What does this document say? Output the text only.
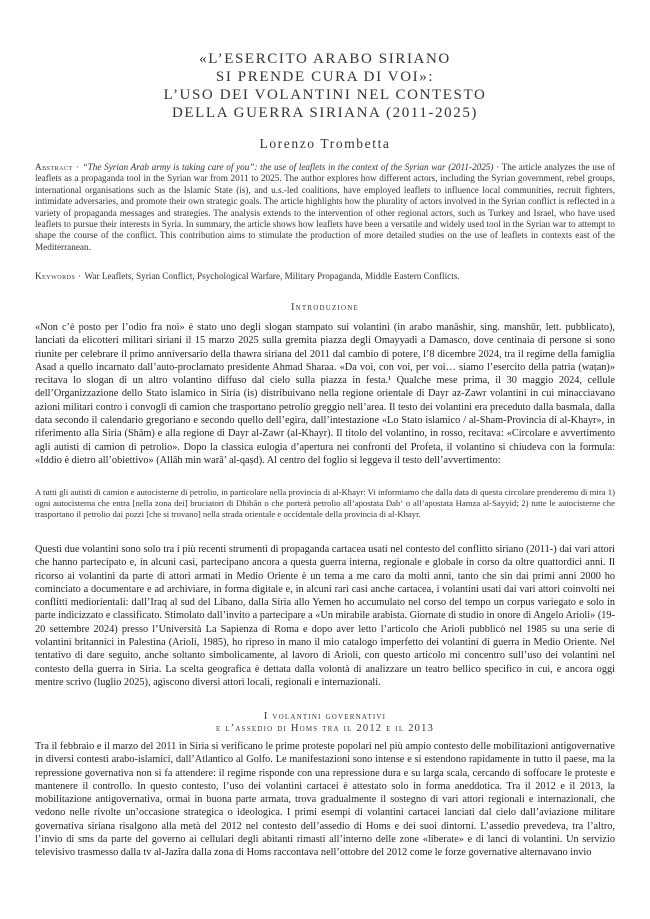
«L’ESERCITO ARABO SIRIANO
SI PRENDE CURA DI VOI»:
L’USO DEI VOLANTINI NEL CONTESTO
DELLA GUERRA SIRIANA (2011-2025)
Lorenzo Trombetta
Abstract · “The Syrian Arab army is taking care of you”: the use of leaflets in the context of the Syrian war (2011-2025) · The article analyzes the use of leaflets as a propaganda tool in the Syrian war from 2011 to 2025. The author explores how different actors, including the Syrian government, rebel groups, international organisations such as the Islamic State (is), and u.s.-led coalitions, have employed leaflets to influence local communities, recruit fighters, intimidate adversaries, and promote their own strategic goals. The article highlights how the plurality of actors involved in the Syrian conflict is reflected in a variety of propaganda messages and strategies. The analysis extends to the intervention of other regional actors, such as Turkey and Israel, who have used leaflets to pursue their interests in Syria. In summary, the article shows how leaflets have been a versatile and widely used tool in the Syrian war to attempt to shape the course of the conflict. This contribution aims to stimulate the production of more detailed studies on the use of leaflets in contexts east of the Mediterranean.
Keywords · War Leaflets, Syrian Conflict, Psychological Warfare, Military Propaganda, Middle Eastern Conflicts.
Introduzione
«Non c’è posto per l’odio fra noi» è stato uno degli slogan stampato sui volantini (in arabo manāshir, sing. manshūr, lett. pubblicato), lanciati da elicotteri militari siriani il 15 marzo 2025 sulla gremita piazza degli Omayyadi a Damasco, dove centinaia di persone si sono riunite per celebrare il primo anniversario della thawra siriana del 2011 dal cambio di potere, l’8 dicembre 2024, tra il regime della famiglia Asad a quello incarnato dall’auto-proclamato presidente Ahmad Sharaa. «Da voi, con voi, per voi… siamo l’esercito della patria (waṭan)» recitava lo slogan di un altro volantino diffuso dal cielo sulla piazza in festa.¹ Qualche mese prima, il 30 maggio 2024, cellule dell’Organizzazione dello Stato islamico in Siria (is) distribuivano nella regione orientale di Dayr az-Zawr volantini in cui minacciavano azioni militari contro i convogli di camion che trasportano petrolio greggio nell’area. Il testo dei volantini era preceduto dalla basmala, dalla data secondo il calendario gregoriano e secondo quello dell’egira, dall’intestazione «Lo Stato islamico / al-Sham-Provincia di al-Khayr», in riferimento alla Siria (Shām) e alla regione di Dayr al-Zawr (al-Khayr). Il titolo del volantino, in rosso, recitava: «Circolare e avvertimento agli autisti di camion di petrolio». Dopo la classica eulogia d’apertura nei confronti del Profeta, il volantino si chiudeva con la formula: «Iddio è dietro all’obiettivo» (Allāh min warā’ al-qaṣd). Al centro del foglio si leggeva il testo dell’avvertimento:
A tutti gli autisti di camion e autocisterne di petrolio, in particolare nella provincia di al-Khayr: Vi informiamo che dalla data di questa circolare prenderemo di mira 1) ogni autocisterna che entra [nella zona dei] bruciatori di Dhibān o che porterà petrolio all’apostata Dab‘ o all’apostata Hamza al-Sayyid; 2) tutte le autocisterne che trasportano il petrolio dai pozzi [che si trovano] nella strada orientale e occidentale della provincia di al-Khayr.
Questi due volantini sono solo tra i più recenti strumenti di propaganda cartacea usati nel contesto del conflitto siriano (2011-) dai vari attori che hanno partecipato e, in alcuni casi, partecipano ancora a questa guerra interna, regionale e globale in corso da oltre quattordici anni. Il ricorso ai volantini da parte di attori armati in Medio Oriente è un tema a me caro da molti anni, tanto che sin dai primi anni 2000 ho cominciato a documentare e ad archiviare, in forma digitale e, in alcuni rari casi anche cartacea, i volantini usati dai vari attori coinvolti nei conflitti mediorientali: dall’Iraq al sud del Libano, dalla Siria allo Yemen ho accumulato nel corso del tempo un corpus variegato e solo in parte indicizzato e classificato. Stimolato dall’invito a partecipare a «Un mirabile arabista. Giornate di studio in onore di Angelo Arioli» (19-20 settembre 2024) presso l’Università La Sapienza di Roma e dopo aver letto l’articolo che Arioli pubblicò nel 1985 su una serie di volantini britannici in Palestina (Arioli, 1985), ho ripreso in mano il mio catalogo imperfetto dei volantini di guerra in Medio Oriente. Nel tentativo di dare seguito, anche soltanto simbolicamente, al lavoro di Arioli, con questo articolo mi concentro sull’uso dei volantini nel contesto della guerra in Siria. La scelta geografica è dettata dalla volontà di analizzare un teatro bellico specifico in cui, e ancora oggi mentre scrivo (luglio 2025), agiscono diversi attori locali, regionali e internazionali.
I volantini governativi
e l’assedio di Homs tra il 2012 e il 2013
Tra il febbraio e il marzo del 2011 in Siria si verificano le prime proteste popolari nel più ampio contesto delle mobilitazioni antigovernative in diversi contesti arabo-islamici, dall’Atlantico al Golfo. Le manifestazioni sono intense e si estendono rapidamente in tutto il paese, ma la repressione governativa non si fa attendere: il regime risponde con una repressione dura e su larga scala, cercando di soffocare le proteste e mantenere il controllo. In questo contesto, l’uso dei volantini cartacei è attestato solo in forma aneddotica. Tra il 2012 e il 2013, la mobilitazione antigovernativa, ormai in buona parte armata, trova gradualmente il sostegno di vari attori regionali e internazionali, che vedono nelle rivolte un’occasione strategica o ideologica. I primi esempi di volantini cartacei lanciati dal cielo dall’aviazione militare governativa siriana risalgono alla metà del 2012 nel contesto dell’assedio di Homs e dei suoi dintorni. L’assedio prevedeva, tra l’altro, l’invio di sms da parte del governo ai cellulari degli abitanti rimasti all’interno delle zone «liberate» e di lanci di volantini. Un servizio televisivo trasmesso dalla tv al-Jazīra dalla zona di Homs raccontava nell’ottobre del 2012 come le forze governative alternavano invio
